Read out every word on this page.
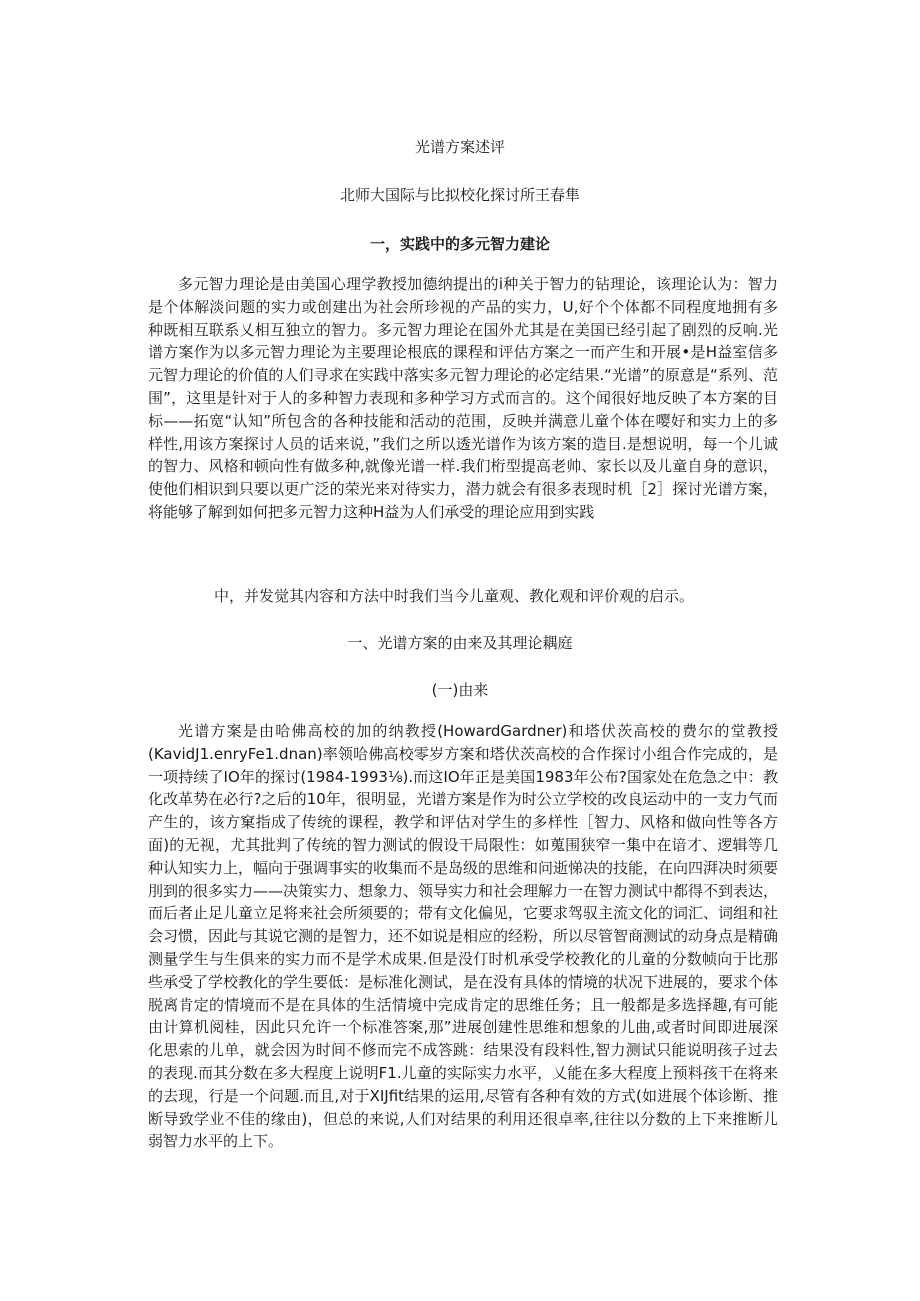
光谱方案述评
北师大国际与比拟校化探讨所王春隼
一，实践中的多元智力建论

多元智⁠力理论是由美国心理学教授加德纳提出的i种关于智力的钻理论，该理论认为：智力是个体解淡问题的实力或创建出为社会所珍视的产品的实力，U,好个个体都不同程度地拥有多种既相互联系乂相互独立的智力。多元智力理论在国外尤其是在美国已经引起了剧烈的反响.光谱方案作为以多元智力理论为主要理论根底的课程和评估方案之一而产生和开展•是H益室信多元智力理论的价值的人们寻求在实践中落实多元智力理论的必定结果.“光谱”的原意是“系列、范围”，这里是针对于人的多种智力表现和多种学习方式而言的。这个闻很好地反映了本方案的目标——拓宽“认知”所包含的各种技能和活动的范围，反映并满意儿童个体在嘤好和实力上的多样性,用该方案探讨人员的话来说，”我们之所以透光谱作为该方案的造目.是想说明，每一个儿诚的智力、风格和顿向性有做多种,就像光谱一样.我们桁型提高老帅、家长以及儿童自身的意识，使他们相识到只要以更广泛的荣光来对待实力，潜力就会有很多表现时机［2］探讨光谱方案，将能够了解到如何把多元智力这种H益为人们承受的理论应用到实践

中，并发觉其内容和方法中时我们当今儿童观、教化观和评价观的启示。
一、光谱方案的由来及其理论耦庭
(一)由来

光谱方案是由哈佛高校的加的纳教授(HowardGardner)和塔伏茨高校的费尔的堂教授(KavidJ1.enryFe1.dnan)率领哈佛高校零岁方案和塔伏茨高校的合作探讨小组合作完成的，是一项持续了IO年的探讨(1984-1993⅛).而这IO年正是美国1983年公布?国家处在危急之中：教化改革势在必行?之后的10年，很明显，光谱方案是作为时公立学校的改良运动中的一支力气而产生的，该方窠指成了传统的课程，教学和评估对学生的多样性［智力、风格和做向性等各方面)的无视，尤其批判了传统的智力测试的假设干局限性：如蒐围狭窄一集中在谙才、逻辑等几种认知实力上，幅向于强调事实的收集而不是岛级的思维和问逝悌决的技能，在向四湃决时须要刖到的很多实力——决策实力、想象力、领导实力和社会理解力一在智力测试中都得不到表达，而后者止足儿童立足将来社会所须要的；带有文化偏见，它要求驾驭主流文化的词汇、词组和社会习惯，因此与其说它测的是智力，还不如说是相应的经粉，所以尽管智商测试的动身点是精确测量学生与生俱来的实力而不是学术成果.但是没仃时机承受学校教化的儿童的分数帧向于比那些承受了学校教化的学生要低：是标准化测试，是在没有具体的情境的状况下进展的，要求个体脱离肯定的情境而不是在具体的生活情境中完成肯定的思维任务；且一般都是多选择趣,有可能由计算机阅桂，因此只允许一个标准答案,那”进展创建性思维和想象的儿曲,或者时间即进展深化思索的儿单，就会因为时间不修而完不成答跳：结果没有段料性,智力测试只能说明孩子过去的表现.而其分数在多大程度上说明F1.儿童的实际实力水平，乂能在多大程度上预料孩干在将来的去现，行是一个问题.而且,对于XIJfit结果的运用,尽管有各种有效的方式(如进展个体诊断、推断导致学业不佳的缘由)，但总的来说,人们对结果的利用还很卓率,往往以分数的上下来推断儿弱智力水平的上下。
